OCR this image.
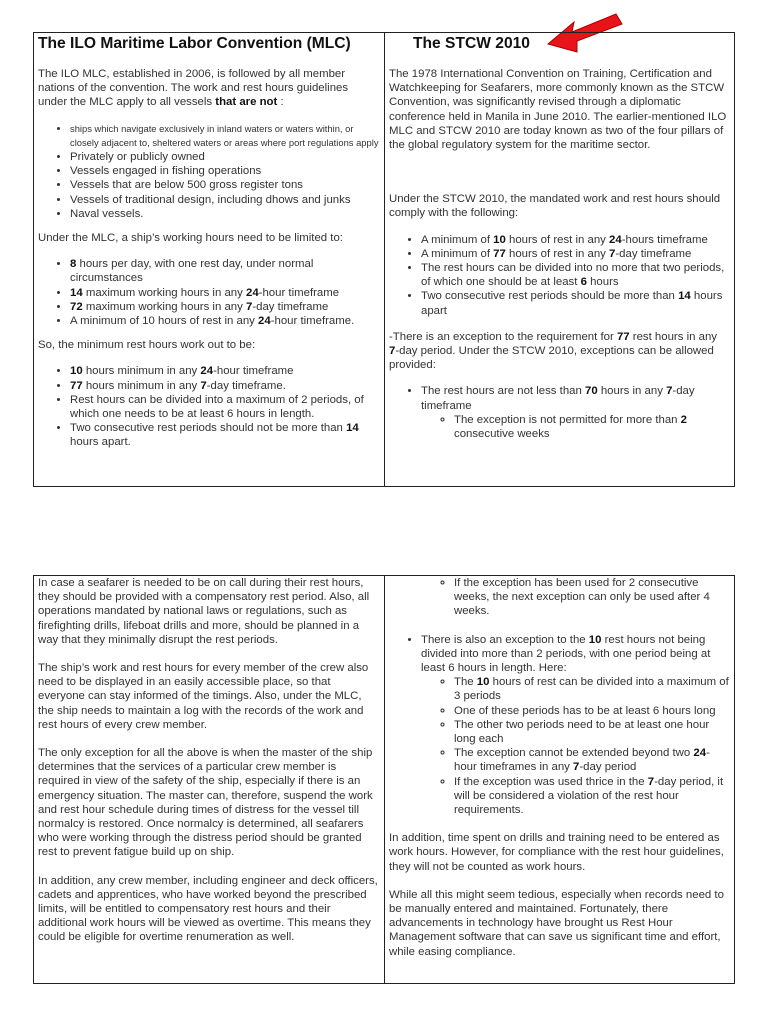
The ILO Maritime Labor Convention (MLC)

The ILO MLC, established in 2006, is followed by all member nations of the convention. The work and rest hours guidelines under the MLC apply to all vessels that are not :

• ships which navigate exclusively in inland waters or waters within, or closely adjacent to, sheltered waters or areas where port regulations apply
• Privately or publicly owned
• Vessels engaged in fishing operations
• Vessels that are below 500 gross register tons
• Vessels of traditional design, including dhows and junks
• Naval vessels.

Under the MLC, a ship’s working hours need to be limited to:

• 8 hours per day, with one rest day, under normal circumstances
• 14 maximum working hours in any 24-hour timeframe
• 72 maximum working hours in any 7-day timeframe
• A minimum of 10 hours of rest in any 24-hour timeframe.

So, the minimum rest hours work out to be:

• 10 hours minimum in any 24-hour timeframe
• 77 hours minimum in any 7-day timeframe.
• Rest hours can be divided into a maximum of 2 periods, of which one needs to be at least 6 hours in length.
• Two consecutive rest periods should not be more than 14 hours apart.
The STCW 2010

The 1978 International Convention on Training, Certification and Watchkeeping for Seafarers, more commonly known as the STCW Convention, was significantly revised through a diplomatic conference held in Manila in June 2010. The earlier-mentioned ILO MLC and STCW 2010 are today known as two of the four pillars of the global regulatory system for the maritime sector.

Under the STCW 2010, the mandated work and rest hours should comply with the following:

• A minimum of 10 hours of rest in any 24-hours timeframe
• A minimum of 77 hours of rest in any 7-day timeframe
• The rest hours can be divided into no more that two periods, of which one should be at least 6 hours
• Two consecutive rest periods should be more than 14 hours apart

-There is an exception to the requirement for 77 rest hours in any 7-day period. Under the STCW 2010, exceptions can be allowed provided:

• The rest hours are not less than 70 hours in any 7-day timeframe
◦ The exception is not permitted for more than 2 consecutive weeks

In case a seafarer is needed to be on call during their rest hours, they should be provided with a compensatory rest period. Also, all operations mandated by national laws or regulations, such as firefighting drills, lifeboat drills and more, should be planned in a way that they minimally disrupt the rest periods.

The ship’s work and rest hours for every member of the crew also need to be displayed in an easily accessible place, so that everyone can stay informed of the timings. Also, under the MLC, the ship needs to maintain a log with the records of the work and rest hours of every crew member.

The only exception for all the above is when the master of the ship determines that the services of a particular crew member is required in view of the safety of the ship, especially if there is an emergency situation. The master can, therefore, suspend the work and rest hour schedule during times of distress for the vessel till normalcy is restored. Once normalcy is determined, all seafarers who were working through the distress period should be granted rest to prevent fatigue build up on ship.

In addition, any crew member, including engineer and deck officers, cadets and apprentices, who have worked beyond the prescribed limits, will be entitled to compensatory rest hours and their additional work hours will be viewed as overtime. This means they could be eligible for overtime renumeration as well.

◦ If the exception has been used for 2 consecutive weeks, the next exception can only be used after 4 weeks.
• There is also an exception to the 10 rest hours not being divided into more than 2 periods, with one period being at least 6 hours in length. Here:
◦ The 10 hours of rest can be divided into a maximum of 3 periods
◦ One of these periods has to be at least 6 hours long
◦ The other two periods need to be at least one hour long each
◦ The exception cannot be extended beyond two 24-hour timeframes in any 7-day period
◦ If the exception was used thrice in the 7-day period, it will be considered a violation of the rest hour requirements.

In addition, time spent on drills and training need to be entered as work hours. However, for compliance with the rest hour guidelines, they will not be counted as work hours.

While all this might seem tedious, especially when records need to be manually entered and maintained. Fortunately, there advancements in technology have brought us Rest Hour Management software that can save us significant time and effort, while easing compliance.
